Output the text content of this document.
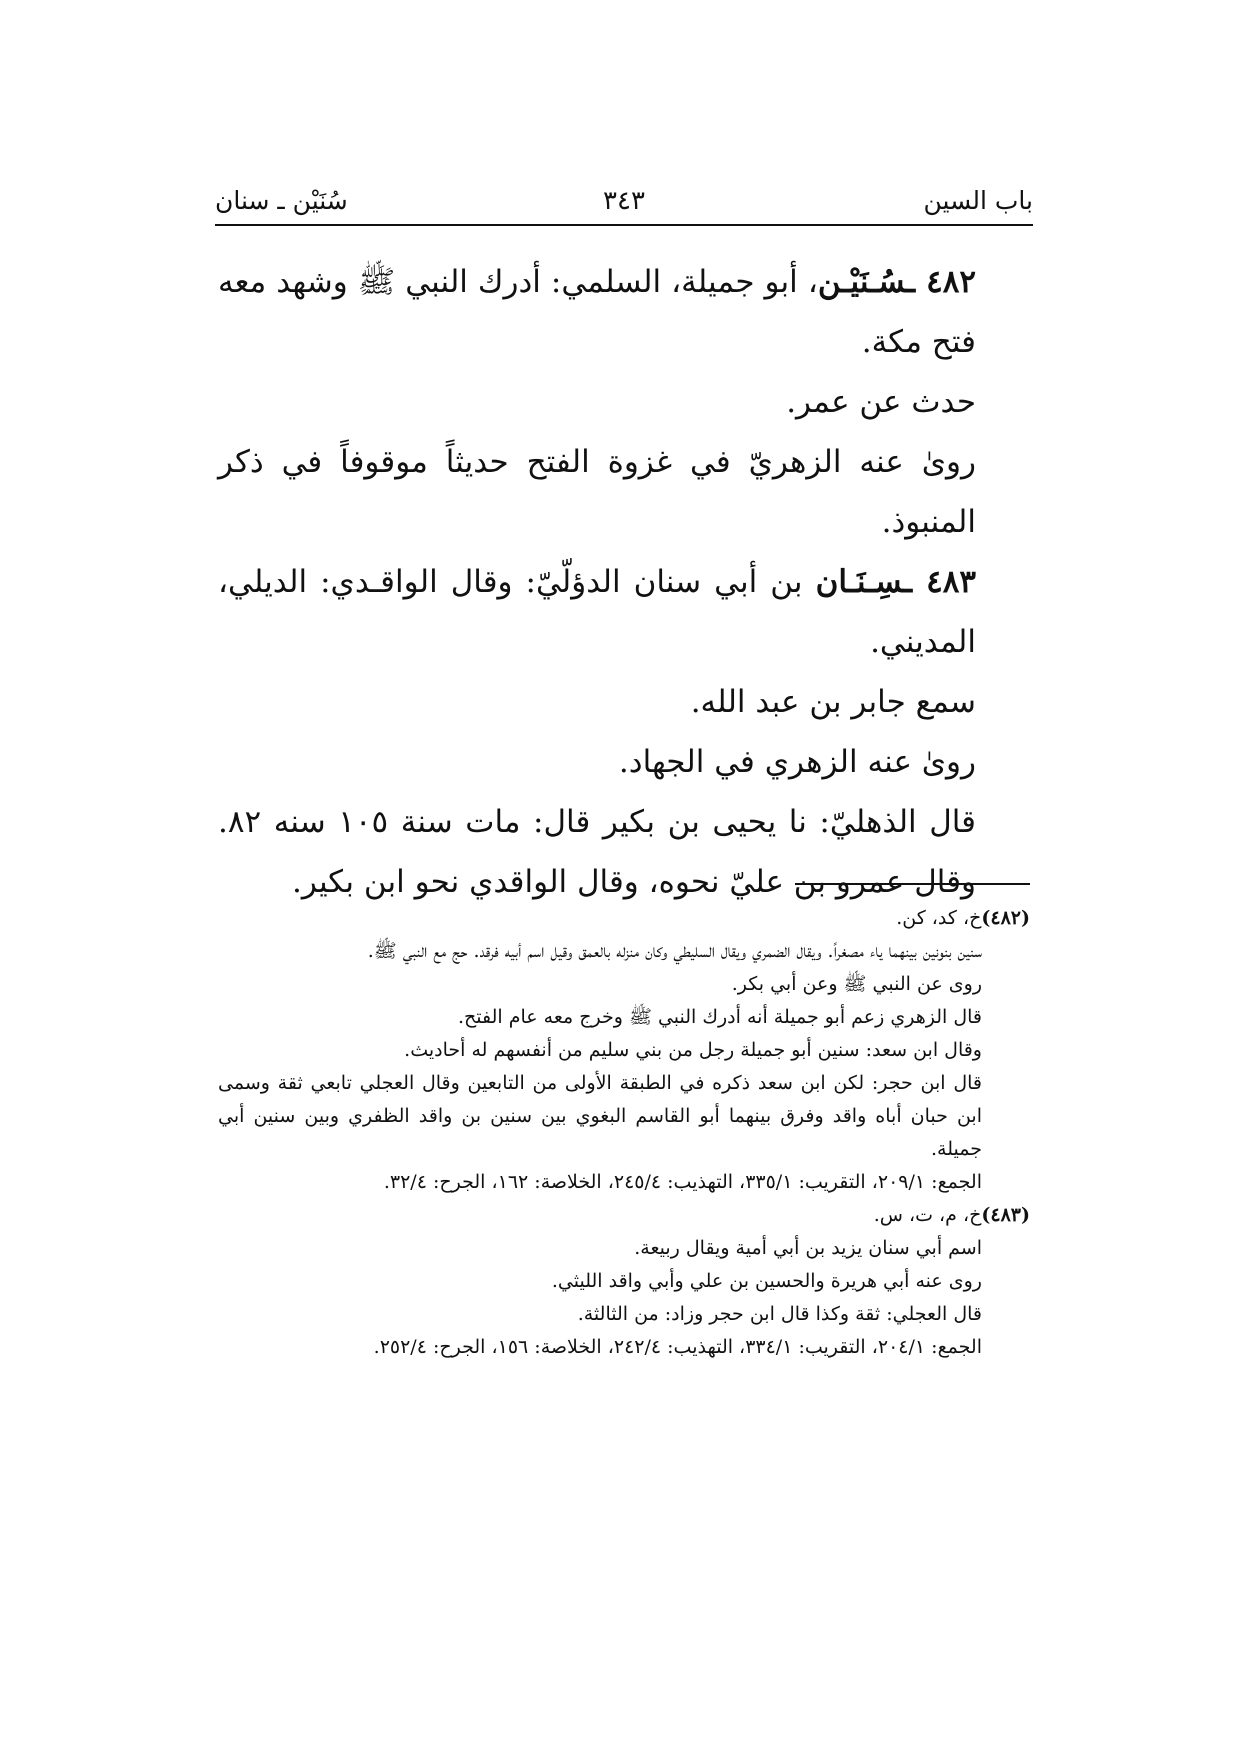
باب السين
٣٤٣
سُنَيْن ـ سنان

٤٨٢ ـسُـنَيْـن، أبو جميلة، السلمي: أدرك النبي ﷺ وشهد معه فتح مكة.

حدث عن عمر.

روىٰ عنه الزهريّ في غزوة الفتح حديثاً موقوفاً في ذكر المنبوذ.

٤٨٣ ـسِـنَـان بن أبي سنان الدؤلّيّ: وقال الواقـدي: الديلي، المديني.

سمع جابر بن عبد الله.

روىٰ عنه الزهري في الجهاد.

قال الذهليّ: نا يحيى بن بكير قال: مات سنة ١٠٥ سنه ٨٢. وقال عمرو بن عليّ نحوه، وقال الواقدي نحو ابن بكير.

(٤٨٢)خ، كد، كن.

سنين بنونين بينهما ياء مصغراً. ويقال الضمري ويقال السليطي وكان منزله بالعمق وقيل اسم أبيه فرقد. حج مع النبي ﷺ.

روى عن النبي ﷺ وعن أبي بكر.

قال الزهري زعم أبو جميلة أنه أدرك النبي ﷺ وخرج معه عام الفتح.

وقال ابن سعد: سنين أبو جميلة رجل من بني سليم من أنفسهم له أحاديث.

قال ابن حجر: لكن ابن سعد ذكره في الطبقة الأولى من التابعين وقال العجلي تابعي ثقة وسمى ابن حبان أباه واقد وفرق بينهما أبو القاسم البغوي بين سنين بن واقد الظفري وبين سنين أبي جميلة.

الجمع: ٢٠٩/١، التقريب: ٣٣٥/١، التهذيب: ٢٤٥/٤، الخلاصة: ١٦٢، الجرح: ٣٢/٤.

(٤٨٣)خ، م، ت، س.

اسم أبي سنان يزيد بن أبي أمية ويقال ربيعة.

روى عنه أبي هريرة والحسين بن علي وأبي واقد الليثي.

قال العجلي: ثقة وكذا قال ابن حجر وزاد: من الثالثة.

الجمع: ٢٠٤/١، التقريب: ٣٣٤/١، التهذيب: ٢٤٢/٤، الخلاصة: ١٥٦، الجرح: ٢٥٢/٤.
